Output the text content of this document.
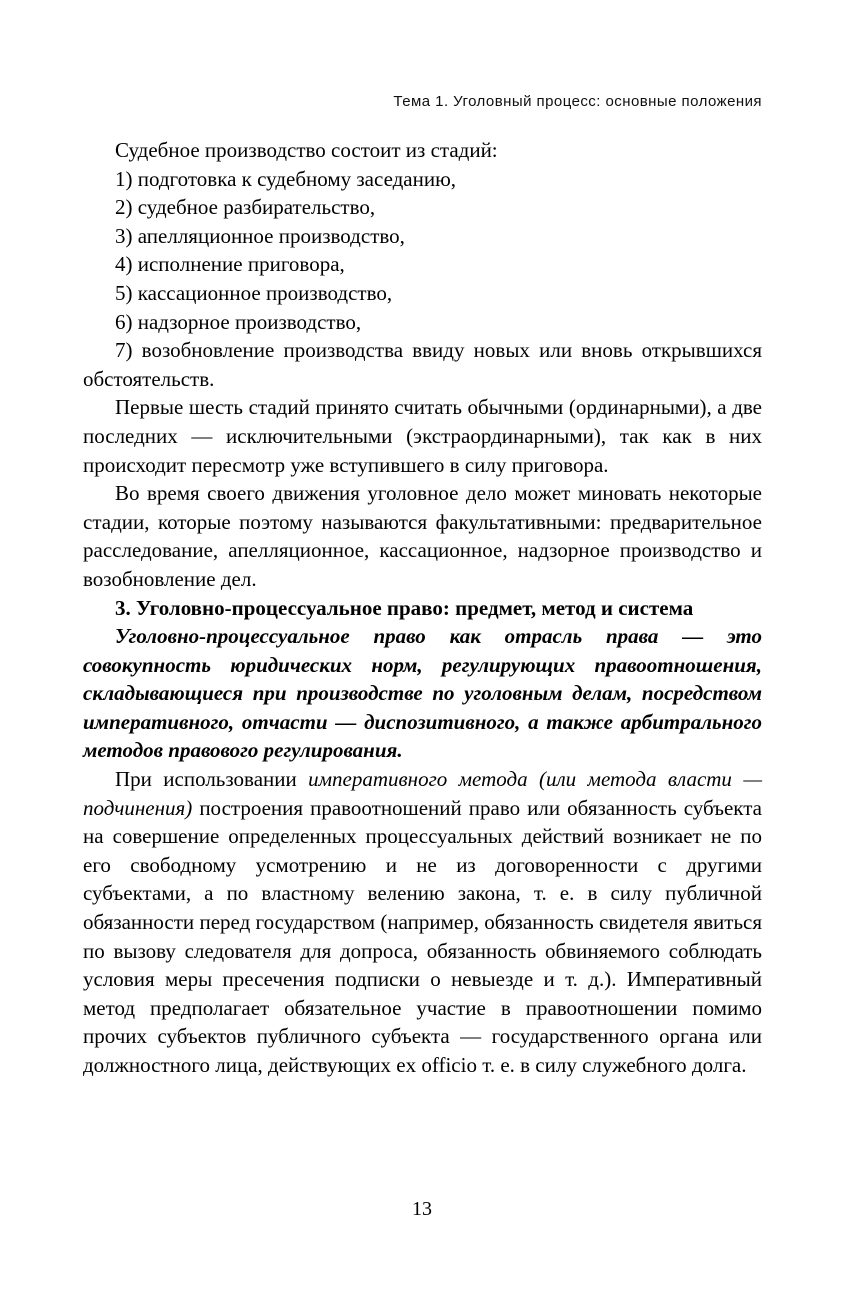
Тема 1. Уголовный процесс: основные положения

Судебное производство состоит из стадий:

1) подготовка к судебному заседанию,

2) судебное разбирательство,

3) апелляционное производство,

4) исполнение приговора,

5) кассационное производство,

6) надзорное производство,

7) возобновление производства ввиду новых или вновь открывшихся обстоятельств.

Первые шесть стадий принято считать обычными (ординарными), а две последних — исключительными (экстраординарными), так как в них происходит пересмотр уже вступившего в силу приговора.

Во время своего движения уголовное дело может миновать некоторые стадии, которые поэтому называются факультативными: предварительное расследование, апелляционное, кассационное, надзорное производство и возобновление дел.

3. Уголовно-процессуальное право: предмет, метод и система

Уголовно-процессуальное право как отрасль права — это совокупность юридических норм, регулирующих правоотношения, складывающиеся при производстве по уголовным делам, посредством императивного, отчасти — диспозитивного, а также арбитрального методов правового регулирования.

При использовании императивного метода (или метода власти — подчинения) построения правоотношений право или обязанность субъекта на совершение определенных процессуальных действий возникает не по его свободному усмотрению и не из договоренности с другими субъектами, а по властному велению закона, т. е. в силу публичной обязанности перед государством (например, обязанность свидетеля явиться по вызову следователя для допроса, обязанность обвиняемого соблюдать условия меры пресечения подписки о невыезде и т. д.). Императивный метод предполагает обязательное участие в правоотношении помимо прочих субъектов публичного субъекта — государственного органа или должностного лица, действующих ex officio т. е. в силу служебного долга.

13
